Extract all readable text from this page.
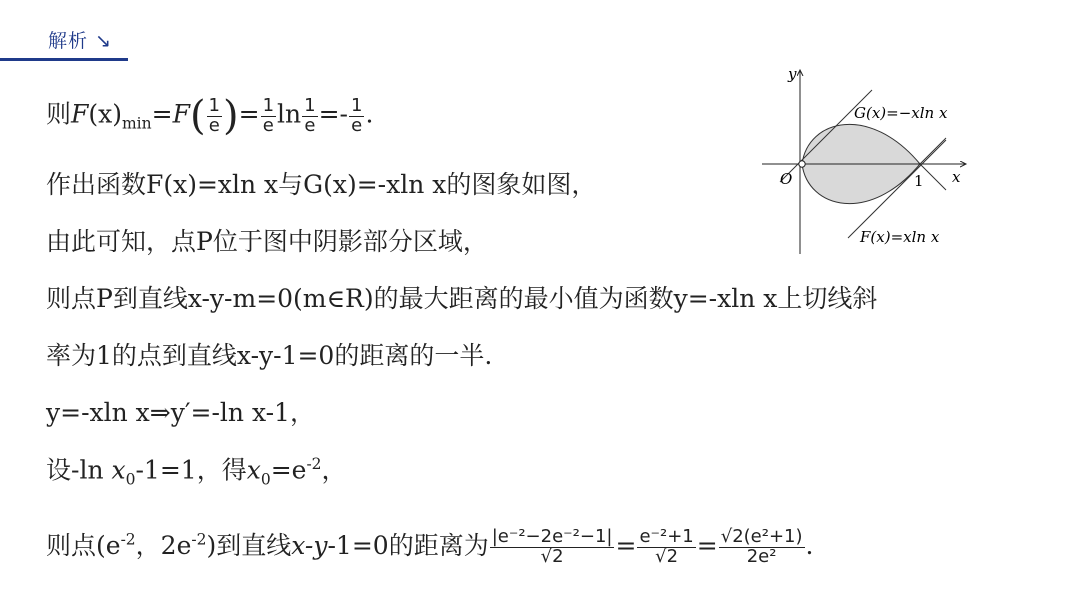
解析 ↘
则$F(x)_{min}=F( \frac{1}{e}$ )= $\frac{1}{e}$ $\ln \frac{1}{e} =- \frac{1}{e}$ .
作出函数F(x)=xln x与G(x)=-xln x的图象如图，
由此可知，点P位于图中阴影部分区域，
则点P到直线x-y-m=0(m∈R)的最大距离的最小值为函数y=-xln x上切线斜
率为1的点到直线x-y-1=0的距离的一半.
y=-xln x⇒y′=-ln x-1，
设-ln $x_0-1=1$，得$x_0=e^{-2}$，
则点($e^{-2}$，$2e^{-2}$)到直线x-y-1=0的距离为 $\frac{\text{|e⁻²−2e⁻²−1|}}{√2} = \frac{\text{e⁻²+1}}{√2} = \frac{\text{√2(e²+1)}}{\text{2e²}}$ .
y
x
O	1
G(x)=−xln x
F(x)=xln x
